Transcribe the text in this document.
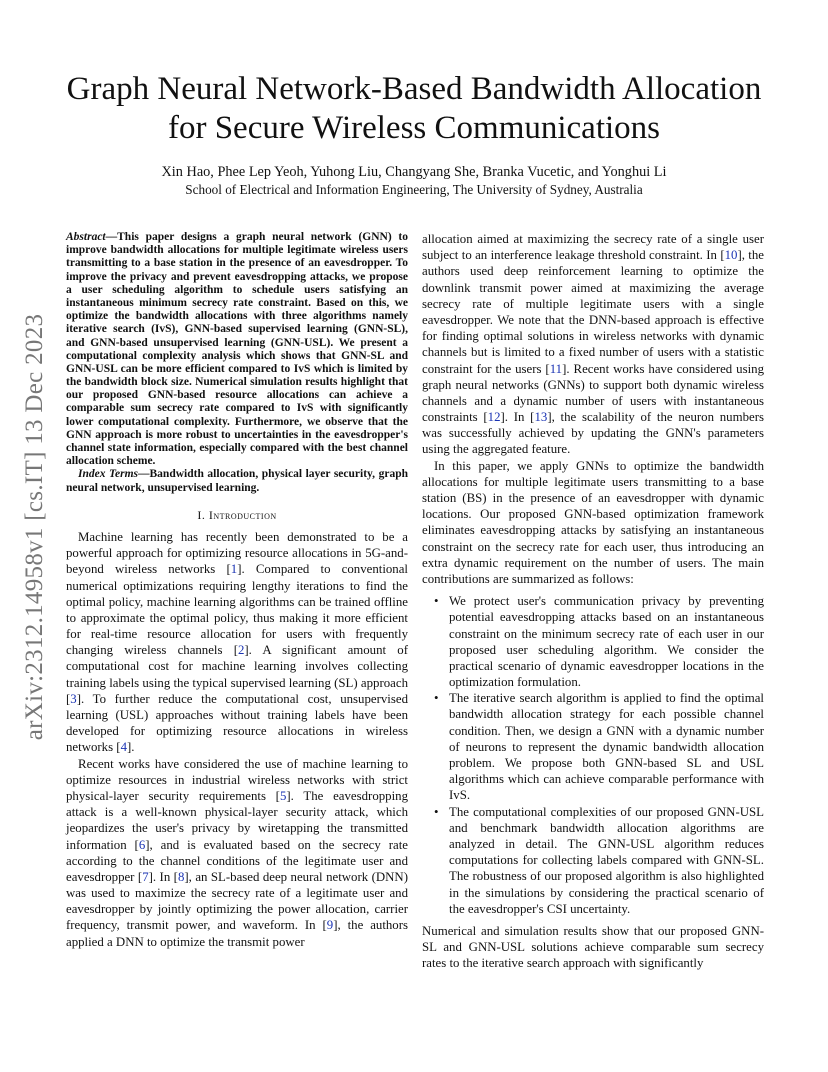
arXiv:2312.14958v1 [cs.IT] 13 Dec 2023
Graph Neural Network-Based Bandwidth Allocation
for Secure Wireless Communications
Xin Hao, Phee Lep Yeoh, Yuhong Liu, Changyang She, Branka Vucetic, and Yonghui Li
School of Electrical and Information Engineering, The University of Sydney, Australia

Abstract—This paper designs a graph neural network (GNN) to improve bandwidth allocations for multiple legitimate wireless users transmitting to a base station in the presence of an eavesdropper. To improve the privacy and prevent eavesdropping attacks, we propose a user scheduling algorithm to schedule users satisfying an instantaneous minimum secrecy rate constraint. Based on this, we optimize the bandwidth allocations with three algorithms namely iterative search (IvS), GNN-based supervised learning (GNN-SL), and GNN-based unsupervised learning (GNN-USL). We present a computational complexity analysis which shows that GNN-SL and GNN-USL can be more efficient compared to IvS which is limited by the bandwidth block size. Numerical simulation results highlight that our proposed GNN-based resource allocations can achieve a comparable sum secrecy rate compared to IvS with significantly lower computational complexity. Furthermore, we observe that the GNN approach is more robust to uncertainties in the eavesdropper's channel state information, especially compared with the best channel allocation scheme.

Index Terms—Bandwidth allocation, physical layer security, graph neural network, unsupervised learning.

I. Introduction

Machine learning has recently been demonstrated to be a powerful approach for optimizing resource allocations in 5G-and-beyond wireless networks [1]. Compared to conventional numerical optimizations requiring lengthy iterations to find the optimal policy, machine learning algorithms can be trained offline to approximate the optimal policy, thus making it more efficient for real-time resource allocation for users with frequently changing wireless channels [2]. A significant amount of computational cost for machine learning involves collecting training labels using the typical supervised learning (SL) approach [3]. To further reduce the computational cost, unsupervised learning (USL) approaches without training labels have been developed for optimizing resource allocations in wireless networks [4].

Recent works have considered the use of machine learning to optimize resources in industrial wireless networks with strict physical-layer security requirements [5]. The eavesdropping attack is a well-known physical-layer security attack, which jeopardizes the user's privacy by wiretapping the transmitted information [6], and is evaluated based on the secrecy rate according to the channel conditions of the legitimate user and eavesdropper [7]. In [8], an SL-based deep neural network (DNN) was used to maximize the secrecy rate of a legitimate user and eavesdropper by jointly optimizing the power allocation, carrier frequency, transmit power, and waveform. In [9], the authors applied a DNN to optimize the transmit power

allocation aimed at maximizing the secrecy rate of a single user subject to an interference leakage threshold constraint. In [10], the authors used deep reinforcement learning to optimize the downlink transmit power aimed at maximizing the average secrecy rate of multiple legitimate users with a single eavesdropper. We note that the DNN-based approach is effective for finding optimal solutions in wireless networks with dynamic channels but is limited to a fixed number of users with a statistic constraint for the users [11]. Recent works have considered using graph neural networks (GNNs) to support both dynamic wireless channels and a dynamic number of users with instantaneous constraints [12]. In [13], the scalability of the neuron numbers was successfully achieved by updating the GNN's parameters using the aggregated feature.

In this paper, we apply GNNs to optimize the bandwidth allocations for multiple legitimate users transmitting to a base station (BS) in the presence of an eavesdropper with dynamic locations. Our proposed GNN-based optimization framework eliminates eavesdropping attacks by satisfying an instantaneous constraint on the secrecy rate for each user, thus introducing an extra dynamic requirement on the number of users. The main contributions are summarized as follows:

• We protect user's communication privacy by preventing potential eavesdropping attacks based on an instantaneous constraint on the minimum secrecy rate of each user in our proposed user scheduling algorithm. We consider the practical scenario of dynamic eavesdropper locations in the optimization formulation.
• The iterative search algorithm is applied to find the optimal bandwidth allocation strategy for each possible channel condition. Then, we design a GNN with a dynamic number of neurons to represent the dynamic bandwidth allocation problem. We propose both GNN-based SL and USL algorithms which can achieve comparable performance with IvS.
• The computational complexities of our proposed GNN-USL and benchmark bandwidth allocation algorithms are analyzed in detail. The GNN-USL algorithm reduces computations for collecting labels compared with GNN-SL. The robustness of our proposed algorithm is also highlighted in the simulations by considering the practical scenario of the eavesdropper's CSI uncertainty.

Numerical and simulation results show that our proposed GNN-SL and GNN-USL solutions achieve comparable sum secrecy rates to the iterative search approach with significantly
